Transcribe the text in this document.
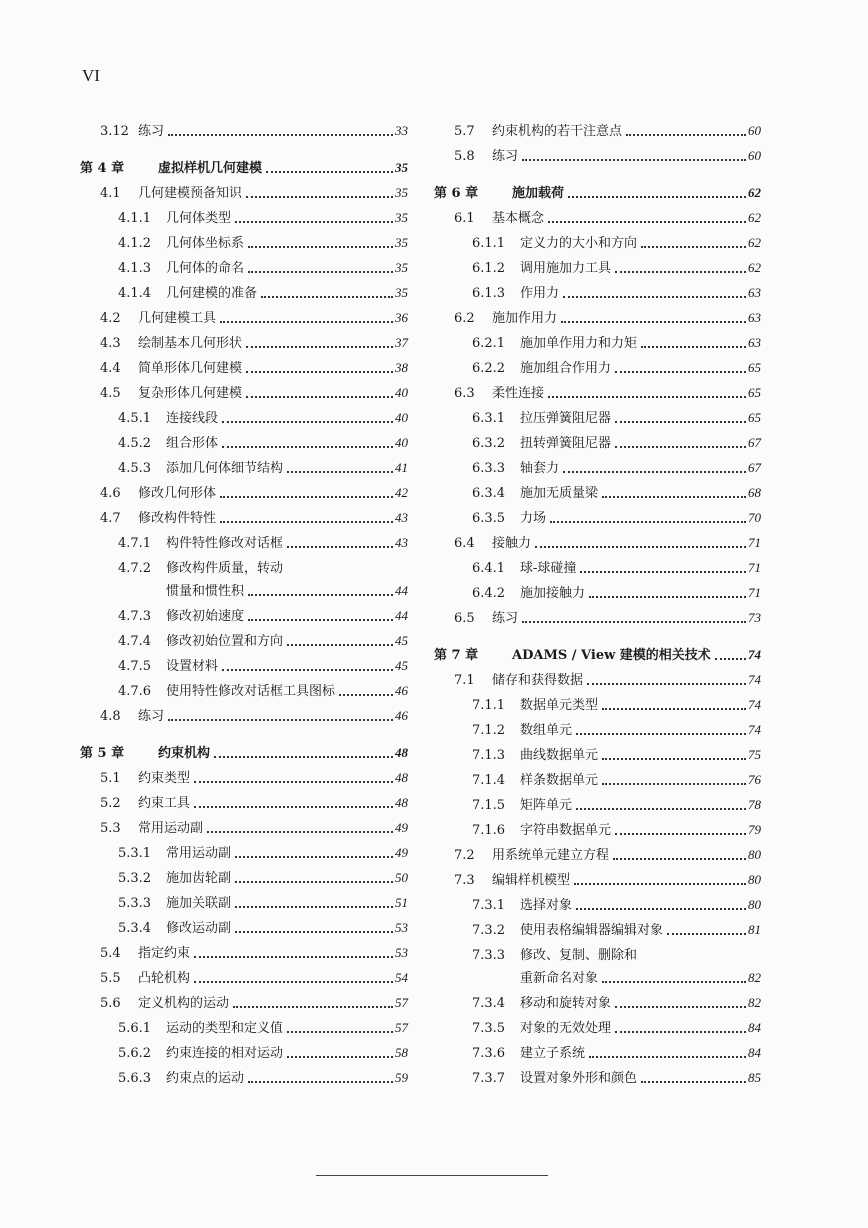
VI
3.12 练习	33
第 4 章	虚拟样机几何建模	35
4.1	几何建模预备知识	35
4.1.1	几何体类型	35
4.1.2	几何体坐标系	35
4.1.3	几何体的命名	35
4.1.4	几何建模的准备	35
4.2	几何建模工具	36
4.3	绘制基本几何形状	37
4.4	简单形体几何建模	38
4.5	复杂形体几何建模	40
4.5.1	连接线段	40
4.5.2	组合形体	40
4.5.3	添加几何体细节结构	41
4.6	修改几何形体	42
4.7	修改构件特性	43
4.7.1	构件特性修改对话框	43
4.7.2	修改构件质量，转动
惯量和惯性积	44
4.7.3	修改初始速度	44
4.7.4	修改初始位置和方向	45
4.7.5	设置材料	45
4.7.6	使用特性修改对话框工具图标	46
4.8	练习	46
第 5 章	约束机构	48
5.1	约束类型	48
5.2	约束工具	48
5.3	常用运动副	49
5.3.1	常用运动副	49
5.3.2	施加齿轮副	50
5.3.3	施加关联副	51
5.3.4	修改运动副	53
5.4	指定约束	53
5.5	凸轮机构	54
5.6	定义机构的运动	57
5.6.1	运动的类型和定义值	57
5.6.2	约束连接的相对运动	58
5.6.3	约束点的运动	59
5.7	约束机构的若干注意点	60
5.8	练习	60
第 6 章	施加载荷	62
6.1	基本概念	62
6.1.1	定义力的大小和方向	62
6.1.2	调用施加力工具	62
6.1.3	作用力	63
6.2	施加作用力	63
6.2.1	施加单作用力和力矩	63
6.2.2	施加组合作用力	65
6.3	柔性连接	65
6.3.1	拉压弹簧阻尼器	65
6.3.2	扭转弹簧阻尼器	67
6.3.3	轴套力	67
6.3.4	施加无质量梁	68
6.3.5	力场	70
6.4	接触力	71
6.4.1	球-球碰撞	71
6.4.2	施加接触力	71
6.5	练习	73
第 7 章	ADAMS / View 建模的相关技术	74
7.1	储存和获得数据	74
7.1.1	数据单元类型	74
7.1.2	数组单元	74
7.1.3	曲线数据单元	75
7.1.4	样条数据单元	76
7.1.5	矩阵单元	78
7.1.6	字符串数据单元	79
7.2	用系统单元建立方程	80
7.3	编辑样机模型	80
7.3.1	选择对象	80
7.3.2	使用表格编辑器编辑对象	81
7.3.3	修改、复制、删除和
重新命名对象	82
7.3.4	移动和旋转对象	82
7.3.5	对象的无效处理	84
7.3.6	建立子系统	84
7.3.7	设置对象外形和颜色	85
